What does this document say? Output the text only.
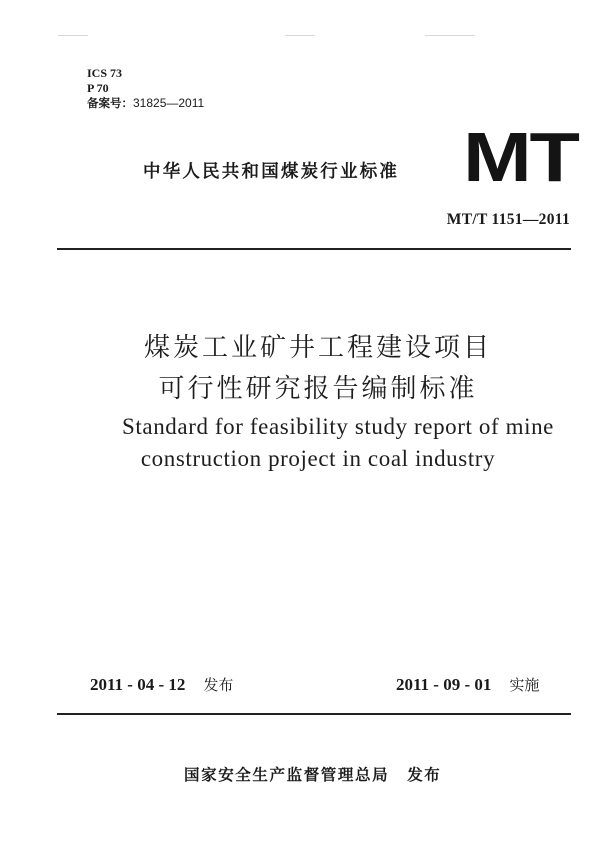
ICS 73
P 70
备案号：31825—2011
中华人民共和国煤炭行业标准 MT
MT/T 1151—2011
煤炭工业矿井工程建设项目
可行性研究报告编制标准
Standard for feasibility study report of mine
construction project in coal industry
2011 - 04 - 12 发布	2011 - 09 - 01 实施
国家安全生产监督管理总局 发布
